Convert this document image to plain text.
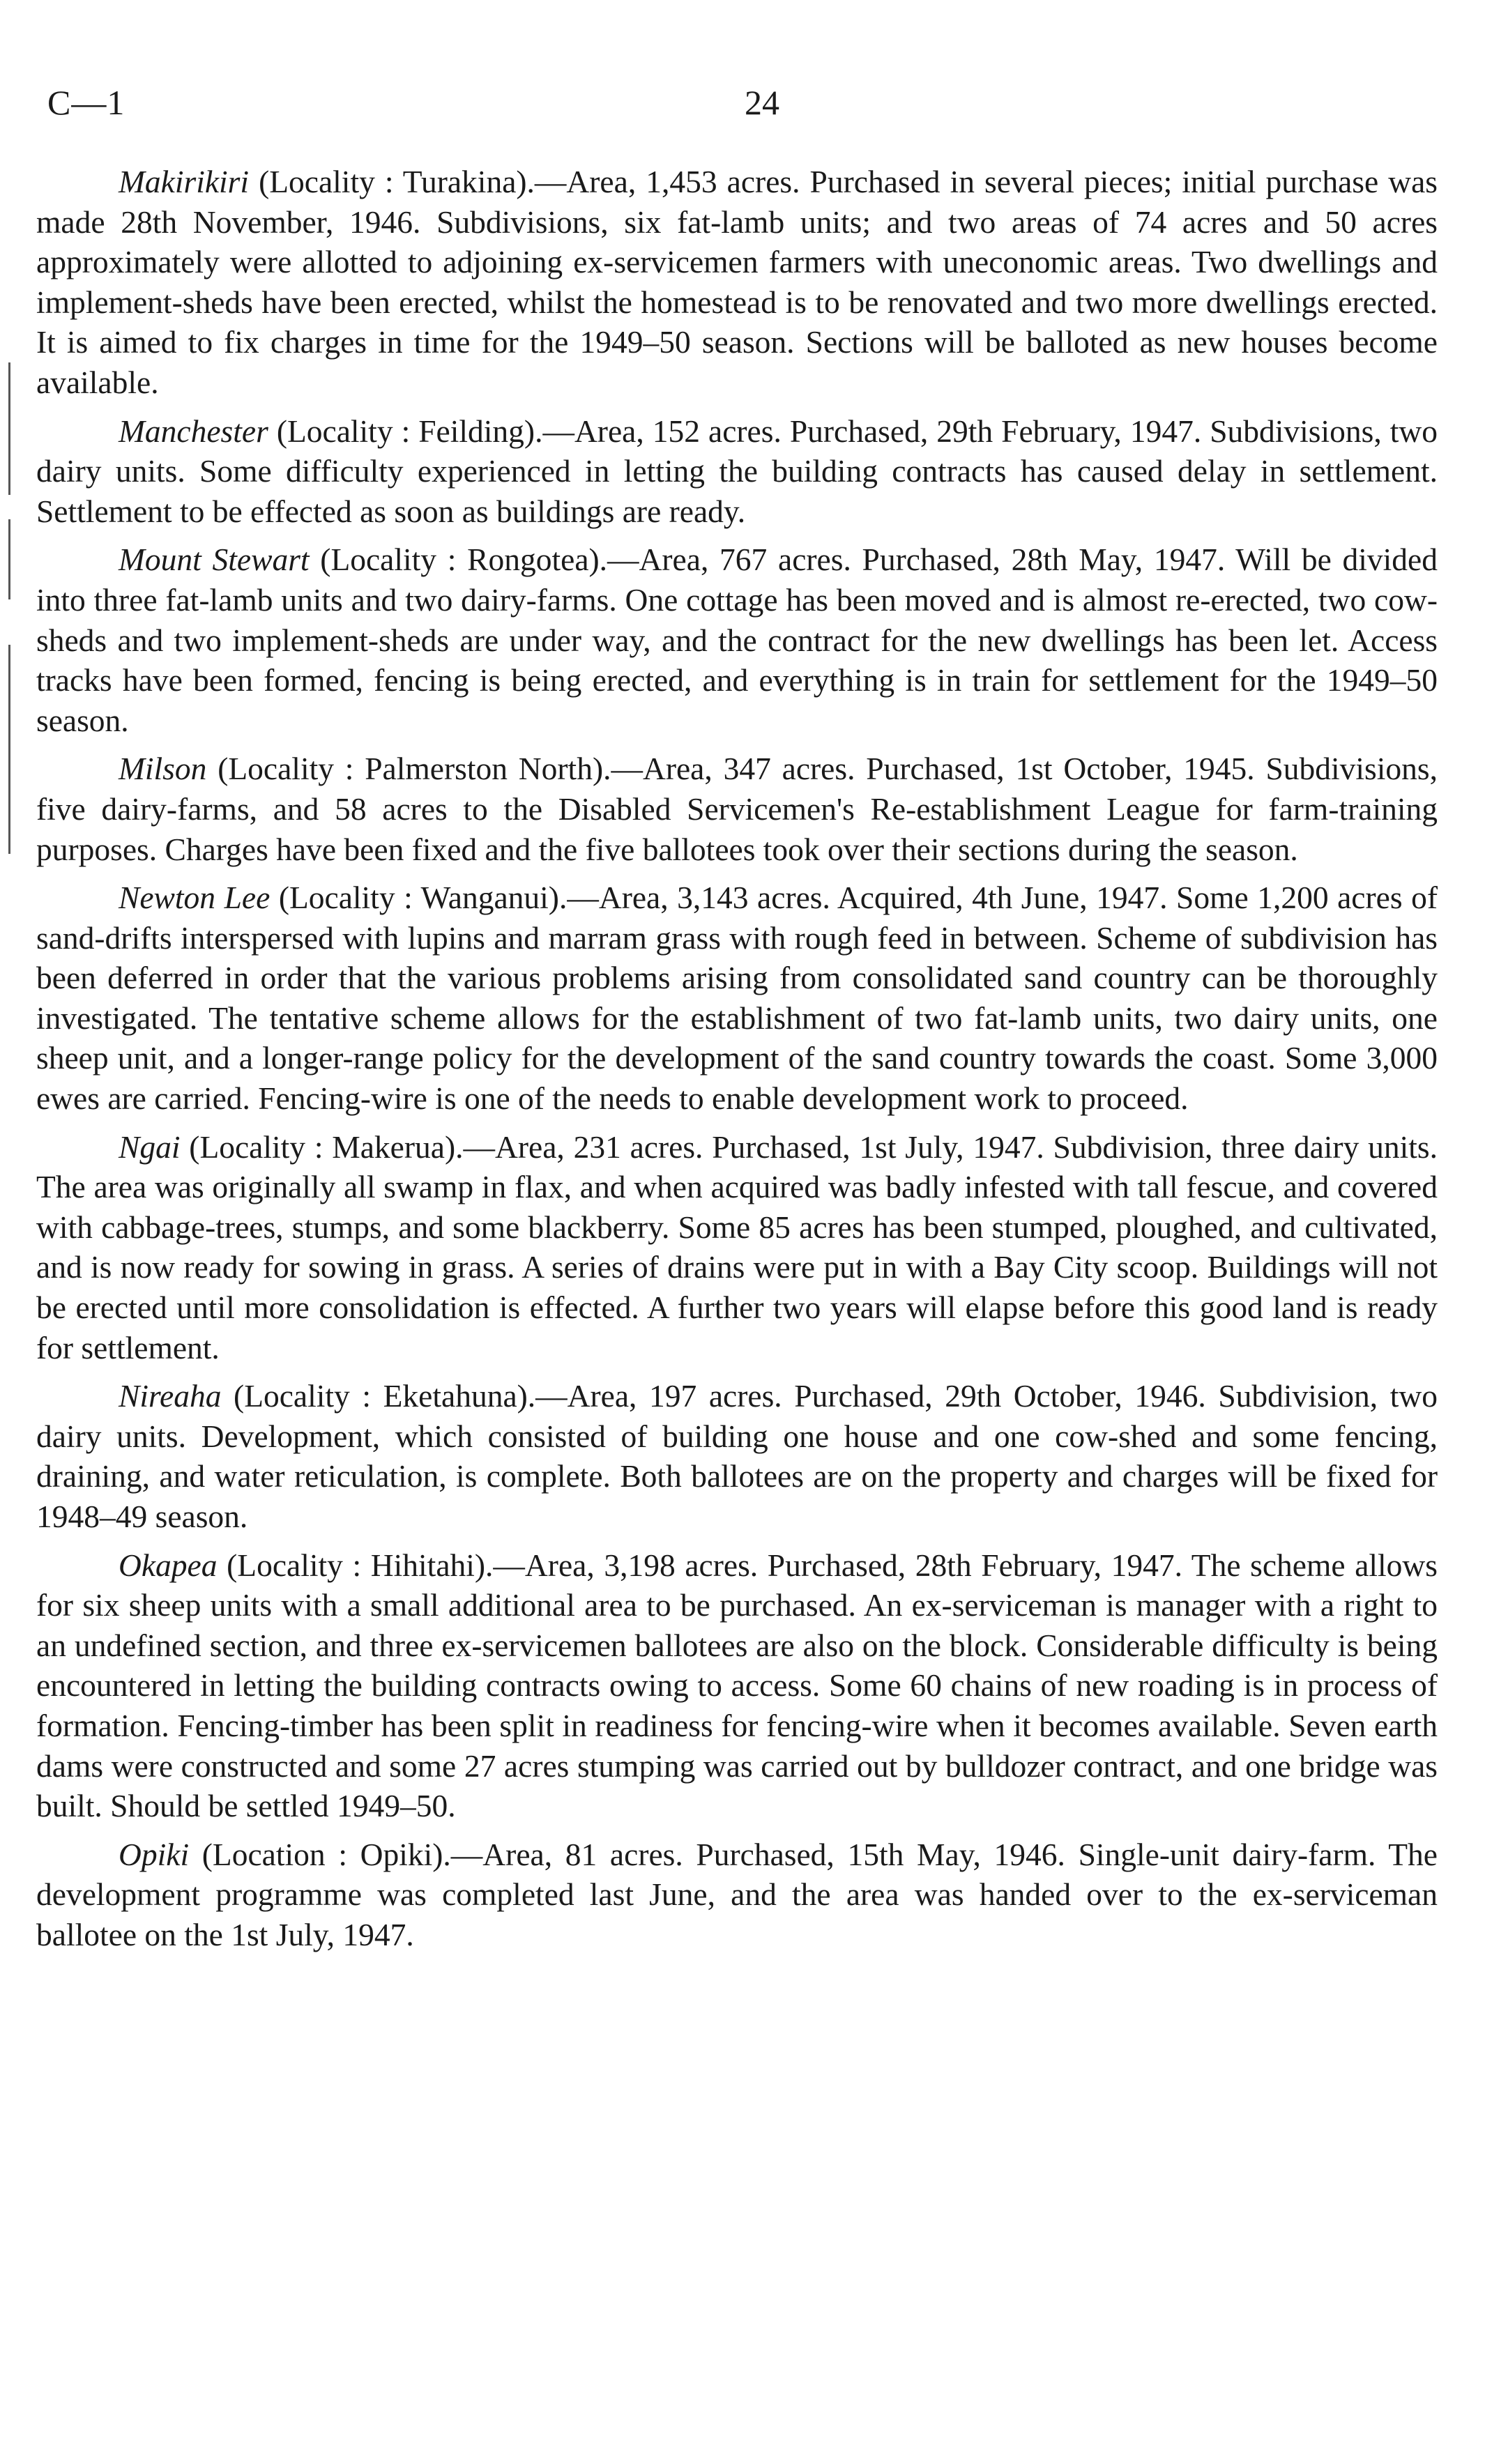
C—1	24

Makirikiri (Locality : Turakina).—Area, 1,453 acres. Purchased in several pieces; initial purchase was made 28th November, 1946. Subdivisions, six fat-lamb units; and two areas of 74 acres and 50 acres approximately were allotted to adjoining ex-servicemen farmers with uneconomic areas. Two dwellings and implement-sheds have been erected, whilst the homestead is to be renovated and two more dwellings erected. It is aimed to fix charges in time for the 1949–50 season. Sections will be balloted as new houses become available.

Manchester (Locality : Feilding).—Area, 152 acres. Purchased, 29th February, 1947. Subdivisions, two dairy units. Some difficulty experienced in letting the building contracts has caused delay in settlement. Settlement to be effected as soon as buildings are ready.

Mount Stewart (Locality : Rongotea).—Area, 767 acres. Purchased, 28th May, 1947. Will be divided into three fat-lamb units and two dairy-farms. One cottage has been moved and is almost re-erected, two cow-sheds and two implement-sheds are under way, and the contract for the new dwellings has been let. Access tracks have been formed, fencing is being erected, and everything is in train for settlement for the 1949–50 season.

Milson (Locality : Palmerston North).—Area, 347 acres. Purchased, 1st October, 1945. Subdivisions, five dairy-farms, and 58 acres to the Disabled Servicemen's Re-establishment League for farm-training purposes. Charges have been fixed and the five ballotees took over their sections during the season.

Newton Lee (Locality : Wanganui).—Area, 3,143 acres. Acquired, 4th June, 1947. Some 1,200 acres of sand-drifts interspersed with lupins and marram grass with rough feed in between. Scheme of subdivision has been deferred in order that the various problems arising from consolidated sand country can be thoroughly investigated. The tentative scheme allows for the establishment of two fat-lamb units, two dairy units, one sheep unit, and a longer-range policy for the development of the sand country towards the coast. Some 3,000 ewes are carried. Fencing-wire is one of the needs to enable development work to proceed.

Ngai (Locality : Makerua).—Area, 231 acres. Purchased, 1st July, 1947. Subdivision, three dairy units. The area was originally all swamp in flax, and when acquired was badly infested with tall fescue, and covered with cabbage-trees, stumps, and some blackberry. Some 85 acres has been stumped, ploughed, and cultivated, and is now ready for sowing in grass. A series of drains were put in with a Bay City scoop. Buildings will not be erected until more consolidation is effected. A further two years will elapse before this good land is ready for settlement.

Nireaha (Locality : Eketahuna).—Area, 197 acres. Purchased, 29th October, 1946. Subdivision, two dairy units. Development, which consisted of building one house and one cow-shed and some fencing, draining, and water reticulation, is complete. Both ballotees are on the property and charges will be fixed for 1948–49 season.

Okapea (Locality : Hihitahi).—Area, 3,198 acres. Purchased, 28th February, 1947. The scheme allows for six sheep units with a small additional area to be purchased. An ex-serviceman is manager with a right to an undefined section, and three ex-servicemen ballotees are also on the block. Considerable difficulty is being encountered in letting the building contracts owing to access. Some 60 chains of new roading is in process of formation. Fencing-timber has been split in readiness for fencing-wire when it becomes available. Seven earth dams were constructed and some 27 acres stumping was carried out by bulldozer contract, and one bridge was built. Should be settled 1949–50.

Opiki (Location : Opiki).—Area, 81 acres. Purchased, 15th May, 1946. Single-unit dairy-farm. The development programme was completed last June, and the area was handed over to the ex-serviceman ballotee on the 1st July, 1947.
